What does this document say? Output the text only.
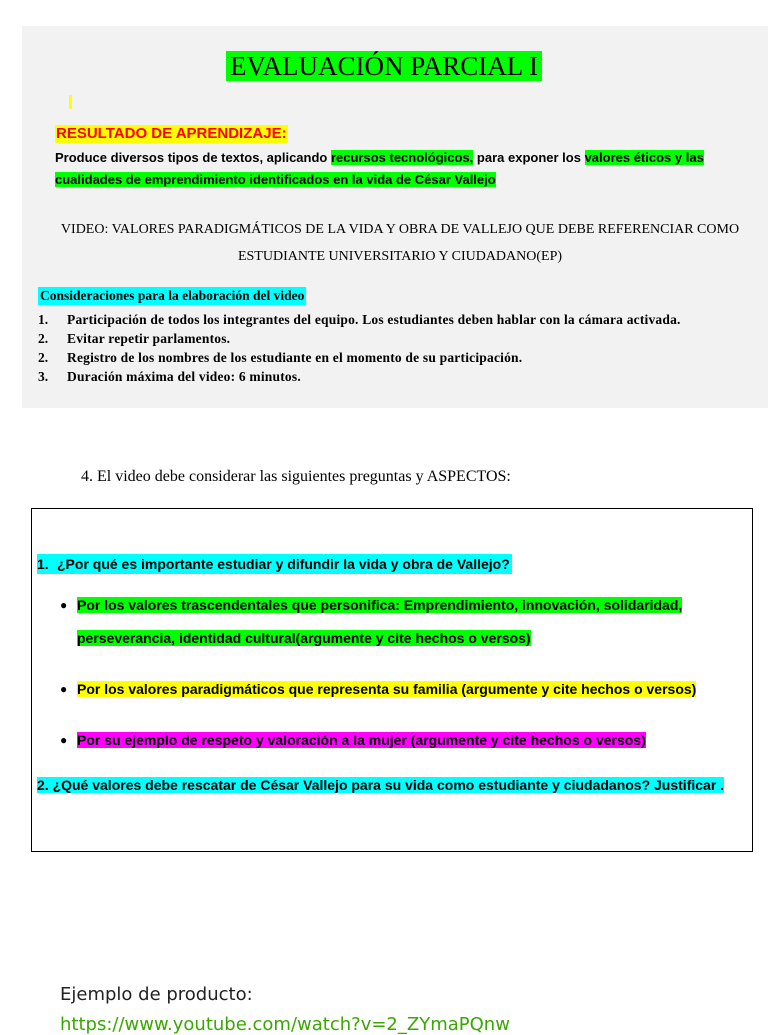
EVALUACIÓN PARCIAL I
RESULTADO DE APRENDIZAJE:
Produce diversos tipos de textos, aplicando recursos tecnológicos, para exponer los valores éticos y las cualidades de emprendimiento identificados en la vida de César Vallejo
VIDEO: VALORES PARADIGMÁTICOS DE LA VIDA Y OBRA DE VALLEJO QUE DEBE REFERENCIAR COMO ESTUDIANTE UNIVERSITARIO Y CIUDADANO(EP)
Consideraciones para la elaboración del video
1.	Participación de todos los integrantes del equipo. Los estudiantes deben hablar con la cámara activada.
2.	Evitar repetir parlamentos.
2.	Registro de los nombres de los estudiante en el momento de su participación.
3.	Duración máxima del video: 6 minutos.
4. El video debe considerar las siguientes preguntas y ASPECTOS:
1. ¿Por qué es importante estudiar y difundir la vida y obra de Vallejo?
● Por los valores trascendentales que personifica: Emprendimiento, innovación, solidaridad, perseverancia, identidad cultural(argumente y cite hechos o versos)
● Por los valores paradigmáticos que representa su familia (argumente y cite hechos o versos)
● Por su ejemplo de respeto y valoración a la mujer (argumente y cite hechos o versos)
2. ¿Qué valores debe rescatar de César Vallejo para su vida como estudiante y ciudadanos? Justificar .
Ejemplo de producto:
https://www.youtube.com/watch?v=2_ZYmaPQnw
